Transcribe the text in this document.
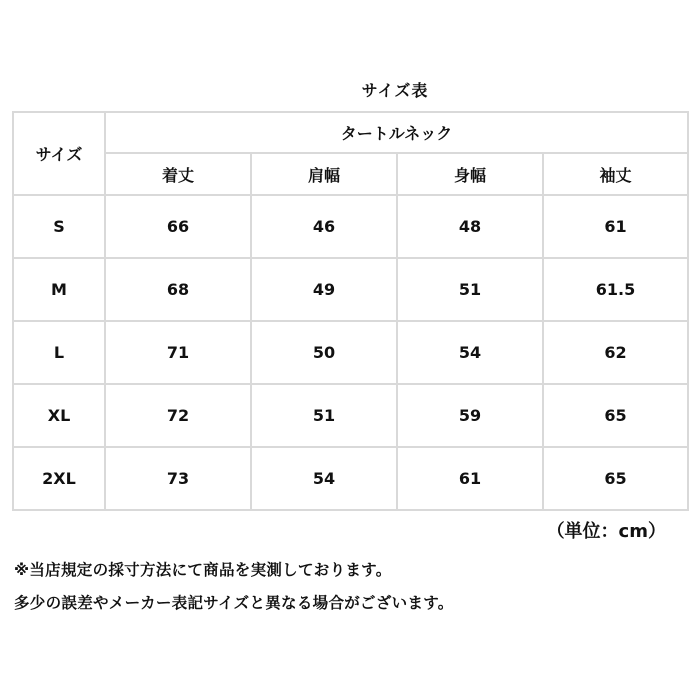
サイズ表
サイズ	タートルネック			
	着丈	肩幅	身幅	袖丈
S	66	46	48	61
M	68	49	51	61.5
L	71	50	54	62
XL	72	51	59	65
2XL	73	54	61	65
（単位：cm）
※当店規定の採寸方法にて商品を実測しております。
多少の誤差やメーカー表記サイズと異なる場合がございます。
